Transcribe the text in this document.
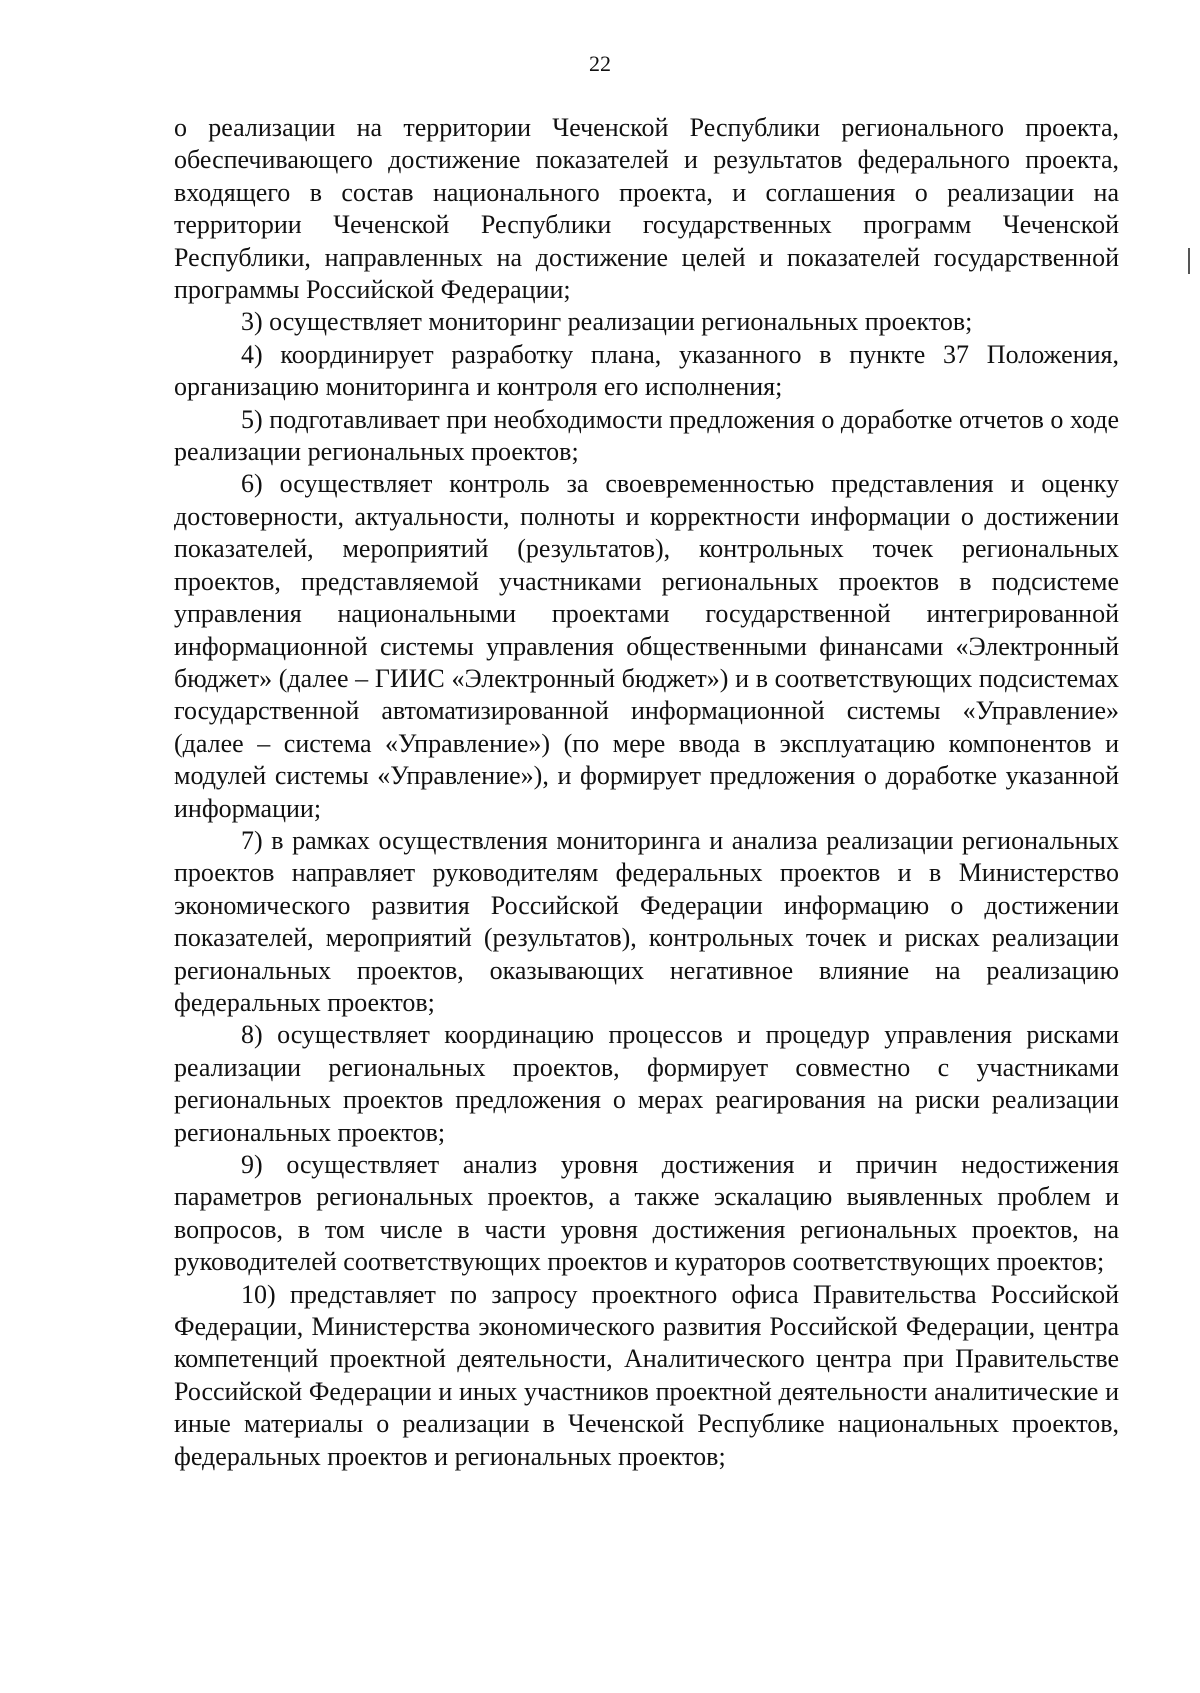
22

о реализации на территории Чеченской Республики регионального проекта, обеспечивающего достижение показателей и результатов федерального проекта, входящего в состав национального проекта, и соглашения о реализации на территории Чеченской Республики государственных программ Чеченской Республики, направленных на достижение целей и показателей государственной программы Российской Федерации;

3) осуществляет мониторинг реализации региональных проектов;

4) координирует разработку плана, указанного в пункте 37 Положения, организацию мониторинга и контроля его исполнения;

5) подготавливает при необходимости предложения о доработке отчетов о ходе реализации региональных проектов;

6) осуществляет контроль за своевременностью представления и оценку достоверности, актуальности, полноты и корректности информации о достижении показателей, мероприятий (результатов), контрольных точек региональных проектов, представляемой участниками региональных проектов в подсистеме управления национальными проектами государственной интегрированной информационной системы управления общественными финансами «Электронный бюджет» (далее – ГИИС «Электронный бюджет») и в соответствующих подсистемах государственной автоматизированной информационной системы «Управление» (далее – система «Управление») (по мере ввода в эксплуатацию компонентов и модулей системы «Управление»), и формирует предложения о доработке указанной информации;

7) в рамках осуществления мониторинга и анализа реализации региональных проектов направляет руководителям федеральных проектов и в Министерство экономического развития Российской Федерации информацию о достижении показателей, мероприятий (результатов), контрольных точек и рисках реализации региональных проектов, оказывающих негативное влияние на реализацию федеральных проектов;

8) осуществляет координацию процессов и процедур управления рисками реализации региональных проектов, формирует совместно с участниками региональных проектов предложения о мерах реагирования на риски реализации региональных проектов;

9) осуществляет анализ уровня достижения и причин недостижения параметров региональных проектов, а также эскалацию выявленных проблем и вопросов, в том числе в части уровня достижения региональных проектов, на руководителей соответствующих проектов и кураторов соответствующих проектов;

10) представляет по запросу проектного офиса Правительства Российской Федерации, Министерства экономического развития Российской Федерации, центра компетенций проектной деятельности, Аналитического центра при Правительстве Российской Федерации и иных участников проектной деятельности аналитические и иные материалы о реализации в Чеченской Республике национальных проектов, федеральных проектов и региональных проектов;
